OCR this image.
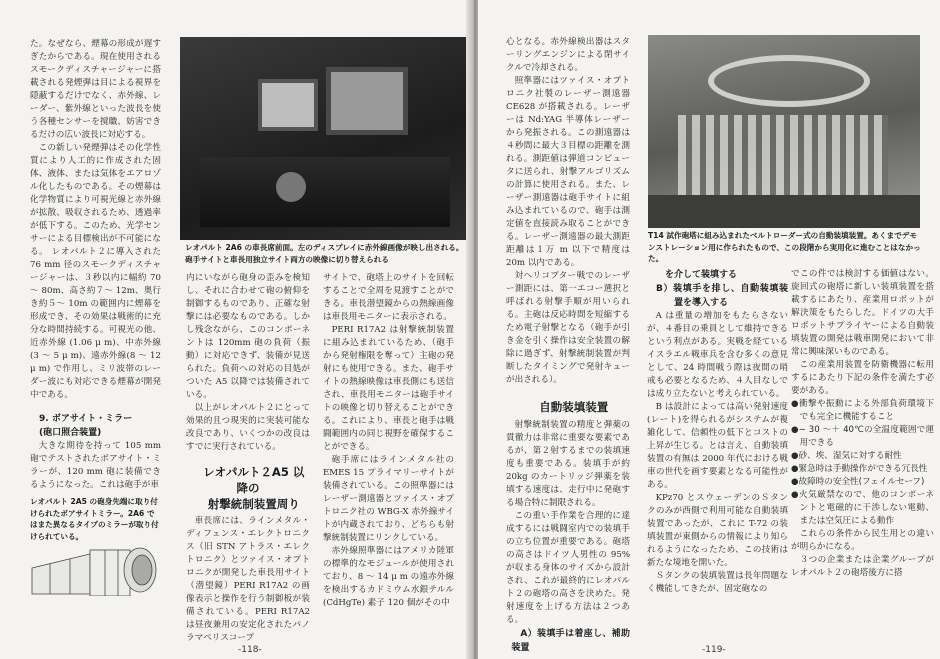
た。なぜなら、煙幕の形成が遅すぎたからである。現在使用されるスモークディスチャージャーに搭載される発煙弾は目による視界を隠蔽するだけでなく、赤外線、レーダー、紫外線といった波長を使う各種センサーを撹職、妨害できるだけの広い波長に対応する。

この新しい発煙弾はその化学性質により人工的に作成された固体、液体、または気体をエアロゾル化したものである。その煙幕は化学物質により可視光線と赤外線が拡散、吸収されるため、透過率が低下する。このため、光学センサーによる目標検出が不可能になる。 レオパルト２に導入された 76 mm 径のスモークディスチャージャーは、３秒以内に幅約 70 ～ 80m、高さ約７～ 12m、奥行き約５～ 10m の範囲内に煙幕を形成でき、その効果は戦術的に充分な時間持続する。可視光の他、近赤外線 (1.06 μ m)、中赤外線 (3 ～ 5 μ m)、遠赤外線(8 ～ 12 μ m) で作用し、ミリ波帯のレーダー波にも対応できる煙幕が開発中である。

9. ボアサイト・ミラー

(砲口照合装置)

大きな期待を持って 105 mm 砲でテストされたボアサイト・ミラーが、120 mm 砲に装備できるようになった。これは砲手が車

レオパルト 2A5 の砲身先端に取り付けられたボアサイトミラー。2A6 ではまた異なるタイプのミラーが取り付けられている。
レオパルト 2A6 の車長席前面。左のディスプレイに赤外線画像が映し出される。砲手サイトと車長用独立サイト両方の映像に切り替えられる

内にいながら砲身の歪みを検知し、それに合わせて砲の俯仰を制御するものであり、正確な射撃には必要なものである。しかし残念ながら、このコンポーネントは 120mm 砲の負荷（振動）に対応できず、装備が見送られた。負荷への対応の目処がついた A5 以降では装備されている。

以上がレオパルト２にとって効果的且つ現実的に実装可能な改良であり、いくつかの改良はすでに実行されている。

レオパルト２A5 以降の

射撃統制装置周り

車長席には、ラインメタル・ディフェンス・エレクトロニクス（旧 STN アトラス・エレクトロニク）とツァイス・オプトロニクが開発した車長用サイト（潜望鏡）PERI R17A2 の画像表示と操作を行う制御板が装備されている。PERI R17A2 は昼夜兼用の安定化されたパノラマペリスコープ

-118-

サイトで、砲塔上のサイトを回転することで全周を見渡すことができる。車長潜望鏡からの熱線画像は車長用モニターに表示される。

PERI R17A2 は射撃統制装置に組み込まれているため、（砲手から発射権限を奪って）主砲の発射にも使用できる。また、砲手サイトの熱線映像は車長側にも送信され、車長用モニターは砲手サイトの映像と切り替えることができる。これにより、車長と砲手は戦闘範囲内の同じ視野を確保することができる。

砲手席にはラインメタル社の EMES 15 プライマリーサイトが装備されている。この照準器にはレーザー測遠器とツァイス・オプトロニク社の WBG-X 赤外線サイトが内蔵されており、どちらも射撃統制装置にリンクしている。

赤外線照準器にはアメリカ陸軍の標準的なモジュールが使用されており、8 ～ 14 μ m の遠赤外線を検出するカドミウム水銀テルル (CdHgTe) 素子 120 個がその中

心となる。赤外線検出器はスターリングエンジンによる閉サイクルで冷却される。

照準器にはツァイス・オプトロニク社製のレーザー測遠器 CE628 が搭載される。レーザーは Nd:YAG 半導体レーザーから発振される。この測遠器は４秒間に最大３目標の距離を測れる。測距値は弾道コンピュータに送られ、射撃アルゴリズムの計算に使用される。また、レーザー測遠器は砲手サイトに組み込まれているので、砲手は測定値を直接読み取ることができる。レーザー測遠器の最大測距距離は１万 m 以下で精度は 20m 以内である。

対ヘリコプター戦でのレーザー測距には、第一エコー選択と呼ばれる射撃手順が用いられる。主砲は反応時間を短縮するため電子射撃となる（砲手が引き金を引く操作は安全装置の解除に過ぎず、射撃統制装置が判断したタイミングで発射キューが出される）。

自動装填装置

射撃統制装置の精度と弾薬の貫徹力は非常に重要な要素であるが、第２射するまでの装填速度も重要である。装填手が約 20kg のカートリッジ弾薬を装填する速度は、走行中に発砲する場合特に制限される。

この重い手作業を合理的に達成するには戦闘室内での装填手の立ち位置が重要である。砲塔の高さはドイツ人男性の 95%が収まる身体のサイズから設計され、これが最終的にレオパルト２の砲塔の高さを決めた。発射速度を上げる方法は２つある。

A）装填手は着座し、補助装置

T14 試作砲塔に組み込まれたベルトローダー式の自動装填装置。あくまでデモンストレーション用に作られたもので、この段階から実用化に進むことはなかった。

を介して装填する

B）装填手を排し、自動装填装置を導入する

A は重量の増加をもたらさないが、４番目の乗員として維持できるという利点がある。実戦を経ているイスラエル戦車兵を含む多くの意見として、24 時間戦う際は夜間の哨戒も必要となるため、４人目なしでは成り立たないと考えられている。

B は設計によっては高い発射速度(レート)を得られるがシステムが複雑化して、信頼性の低下とコストの上昇が生じる。とは言え、自動装填装置の有無は 2000 年代における戦車の世代を画す要素となる可能性がある。

KPz70 とスウェーデンのＳタンクのみが西側で利用可能な自動装填装置であったが、これに T-72 の装填装置が東側からの情報により知られるようになったため、この技術は新たな境地を開いた。

Ｓタンクの装填装置は長年問題なく機能してきたが、固定砲なの

-119-

でこの件では検討する価値はない。旋回式の砲塔に新しい装填装置を搭載するにあたり、産業用ロボットが解決策をもたらした。ドイツの大手ロボットサプライヤーによる自動装填装置の開発は戦車開発において非常に興味深いものである。

この産業用装置を防衛機器に転用するにあたり下記の条件を満たす必要がある。

●衝撃や振動による外部負荷環境下でも完全に機能すること

●− 30 ～＋ 40℃の全温度範囲で運用できる

●砂、埃、湿気に対する耐性

●緊急時は手動操作ができる冗長性

●故障時の安全性(フェイルセーフ)

●火気厳禁なので、他のコンポーネントと電磁的に干渉しない電動、または空気圧による動作

これらの条件から民生用との違いが明らかになる。

３つの企業または企業グループがレオパルト２の砲塔後方に搭
